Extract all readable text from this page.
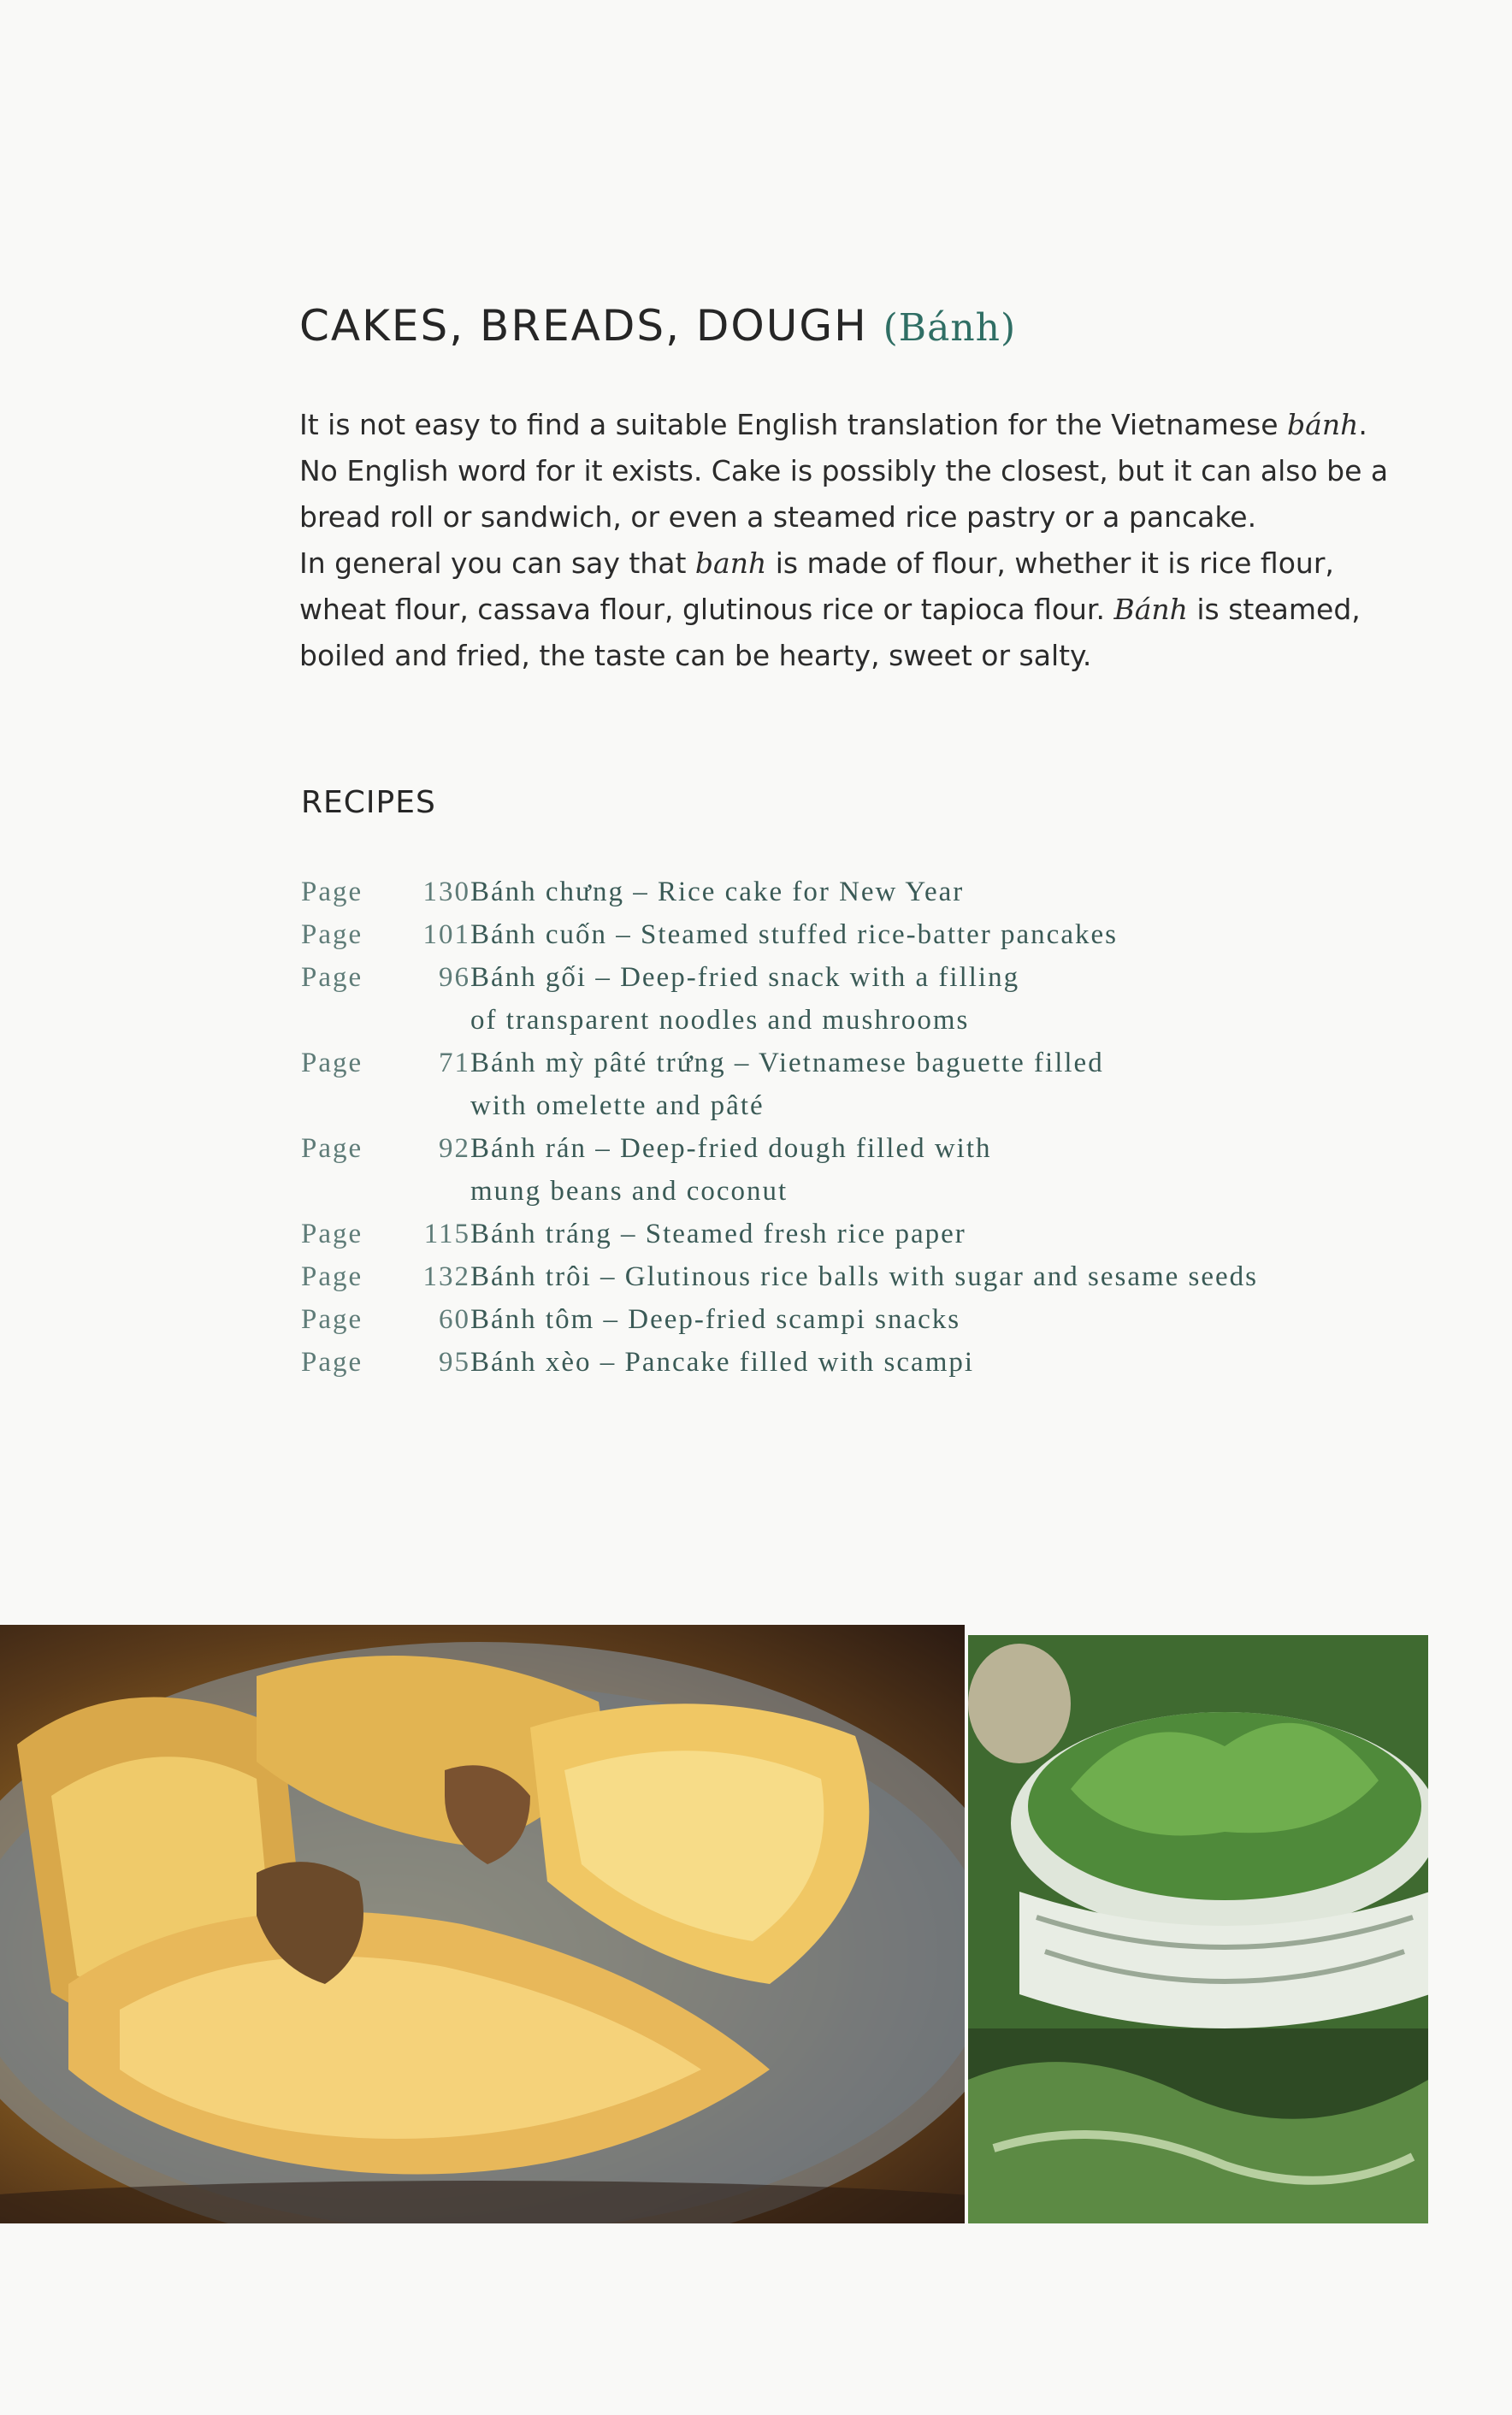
CAKES, BREADS, DOUGH (Bánh)

It is not easy to find a suitable English translation for the Vietnamese bánh.

No English word for it exists. Cake is possibly the closest, but it can also be a

bread roll or sandwich, or even a steamed rice pastry or a pancake.

In general you can say that banh is made of flour, whether it is rice flour,

wheat flour, cassava flour, glutinous rice or tapioca flour. Bánh is steamed,

boiled and fried, the taste can be hearty, sweet or salty.

RECIPES
Page 130 Bánh chưng – Rice cake for New Year
Page 101 Bánh cuốn – Steamed stuffed rice-batter pancakes
Page	96 Bánh gối – Deep-fried snack with a filling
of transparent noodles and mushrooms
Page	71 Bánh mỳ pâté trứng – Vietnamese baguette filled
with omelette and pâté
Page	92 Bánh rán – Deep-fried dough filled with
mung beans and coconut
Page 115 Bánh tráng – Steamed fresh rice paper
Page 132 Bánh trôi – Glutinous rice balls with sugar and sesame seeds
Page	60 Bánh tôm – Deep-fried scampi snacks
Page	95 Bánh xèo – Pancake filled with scampi
